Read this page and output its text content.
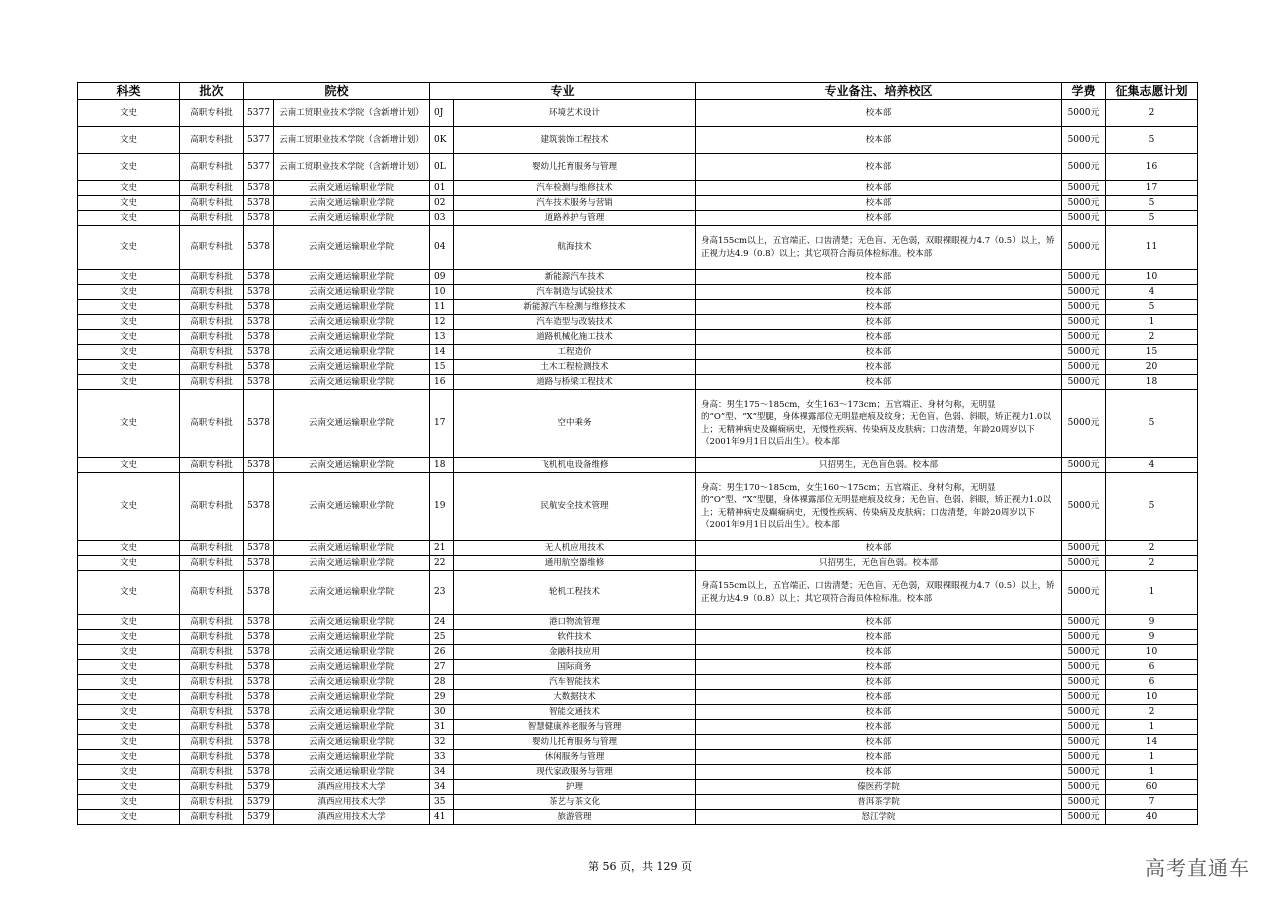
科类	批次	院校		专业		专业备注、培养校区	学费	征集志愿计划
文史	高职专科批	5377	云南工贸职业技术学院（含新增计划）	0J	环境艺术设计	校本部	5000元	2
文史	高职专科批	5377	云南工贸职业技术学院（含新增计划）	0K	建筑装饰工程技术	校本部	5000元	5
文史	高职专科批	5377	云南工贸职业技术学院（含新增计划）	0L	婴幼儿托育服务与管理	校本部	5000元	16
文史	高职专科批	5378	云南交通运输职业学院	01	汽车检测与维修技术	校本部	5000元	17
文史	高职专科批	5378	云南交通运输职业学院	02	汽车技术服务与营销	校本部	5000元	5
文史	高职专科批	5378	云南交通运输职业学院	03	道路养护与管理	校本部	5000元	5
文史	高职专科批	5378	云南交通运输职业学院	04	航海技术	身高155cm以上，五官端正、口齿清楚；无色盲、无色弱，双眼裸眼视力4.7（0.5）以上，矫正视力达4.9（0.8）以上；其它项符合海员体检标准。校本部	5000元	11
文史	高职专科批	5378	云南交通运输职业学院	09	新能源汽车技术	校本部	5000元	10
文史	高职专科批	5378	云南交通运输职业学院	10	汽车制造与试验技术	校本部	5000元	4
文史	高职专科批	5378	云南交通运输职业学院	11	新能源汽车检测与维修技术	校本部	5000元	5
文史	高职专科批	5378	云南交通运输职业学院	12	汽车造型与改装技术	校本部	5000元	1
文史	高职专科批	5378	云南交通运输职业学院	13	道路机械化施工技术	校本部	5000元	2
文史	高职专科批	5378	云南交通运输职业学院	14	工程造价	校本部	5000元	15
文史	高职专科批	5378	云南交通运输职业学院	15	土木工程检测技术	校本部	5000元	20
文史	高职专科批	5378	云南交通运输职业学院	16	道路与桥梁工程技术	校本部	5000元	18
文史	高职专科批	5378	云南交通运输职业学院	17	空中乘务	身高：男生175～185cm，女生163～173cm；五官端正、身材匀称，无明显的“O”型、“X”型腿，身体裸露部位无明显疤痕及纹身；无色盲、色弱、斜眼，矫正视力1.0以上；无精神病史及癫痫病史，无慢性疾病、传染病及皮肤病；口齿清楚，年龄20周岁以下（2001年9月1日以后出生）。校本部	5000元	5
文史	高职专科批	5378	云南交通运输职业学院	18	飞机机电设备维修	只招男生，无色盲色弱。校本部	5000元	4
文史	高职专科批	5378	云南交通运输职业学院	19	民航安全技术管理	身高：男生170～185cm，女生160～175cm；五官端正、身材匀称，无明显的“O”型、“X”型腿，身体裸露部位无明显疤痕及纹身；无色盲、色弱、斜眼，矫正视力1.0以上；无精神病史及癫痫病史，无慢性疾病、传染病及皮肤病；口齿清楚，年龄20周岁以下（2001年9月1日以后出生）。校本部	5000元	5
文史	高职专科批	5378	云南交通运输职业学院	21	无人机应用技术	校本部	5000元	2
文史	高职专科批	5378	云南交通运输职业学院	22	通用航空器维修	只招男生，无色盲色弱。校本部	5000元	2
文史	高职专科批	5378	云南交通运输职业学院	23	轮机工程技术	身高155cm以上，五官端正、口齿清楚；无色盲、无色弱，双眼裸眼视力4.7（0.5）以上，矫正视力达4.9（0.8）以上；其它项符合海员体检标准。校本部	5000元	1
文史	高职专科批	5378	云南交通运输职业学院	24	港口物流管理	校本部	5000元	9
文史	高职专科批	5378	云南交通运输职业学院	25	软件技术	校本部	5000元	9
文史	高职专科批	5378	云南交通运输职业学院	26	金融科技应用	校本部	5000元	10
文史	高职专科批	5378	云南交通运输职业学院	27	国际商务	校本部	5000元	6
文史	高职专科批	5378	云南交通运输职业学院	28	汽车智能技术	校本部	5000元	6
文史	高职专科批	5378	云南交通运输职业学院	29	大数据技术	校本部	5000元	10
文史	高职专科批	5378	云南交通运输职业学院	30	智能交通技术	校本部	5000元	2
文史	高职专科批	5378	云南交通运输职业学院	31	智慧健康养老服务与管理	校本部	5000元	1
文史	高职专科批	5378	云南交通运输职业学院	32	婴幼儿托育服务与管理	校本部	5000元	14
文史	高职专科批	5378	云南交通运输职业学院	33	休闲服务与管理	校本部	5000元	1
文史	高职专科批	5378	云南交通运输职业学院	34	现代家政服务与管理	校本部	5000元	1
文史	高职专科批	5379	滇西应用技术大学	34	护理	傣医药学院	5000元	60
文史	高职专科批	5379	滇西应用技术大学	35	茶艺与茶文化	普洱茶学院	5000元	7
文史	高职专科批	5379	滇西应用技术大学	41	旅游管理	怒江学院	5000元	40
第 56 页，共 129 页	高考直通车
